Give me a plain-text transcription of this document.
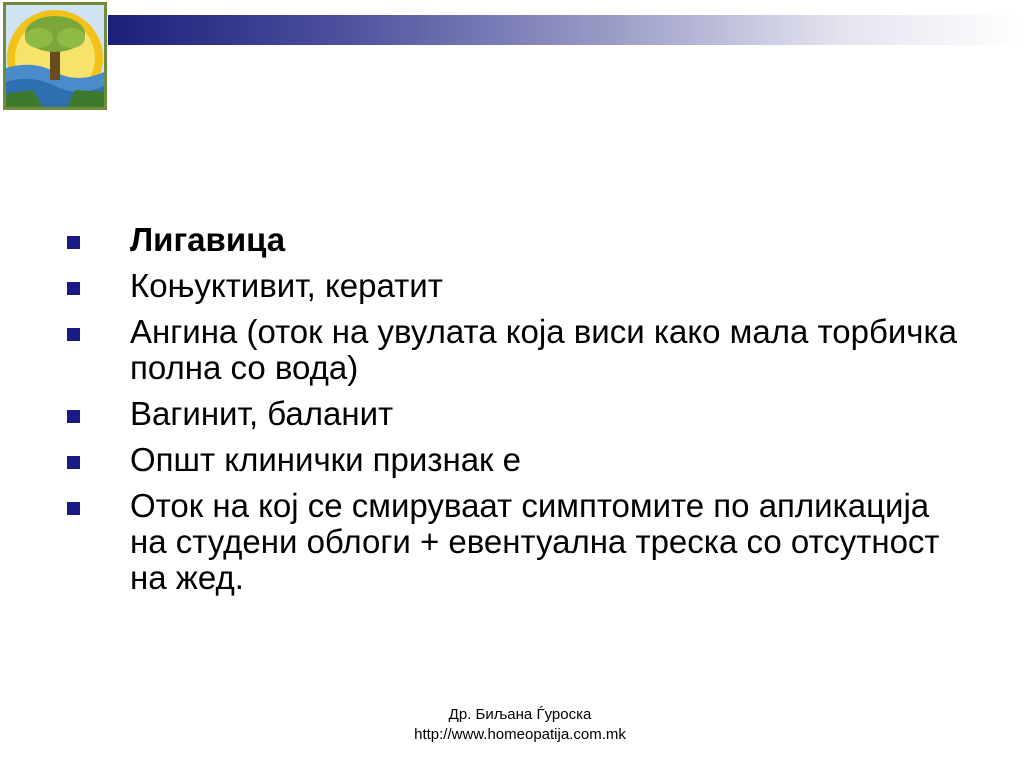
Лигавица
Коњуктивит, кератит
Ангина (оток на увулата која виси како мала торбичка полна со вода)
Вагинит, баланит
Општ клинички признак е
Оток на кој се смируваат симптомите по апликација на студени облоги + евентуална треска со отсутност на жед.
Др. Биљана Ѓуроска
http://www.homeopatija.com.mk
